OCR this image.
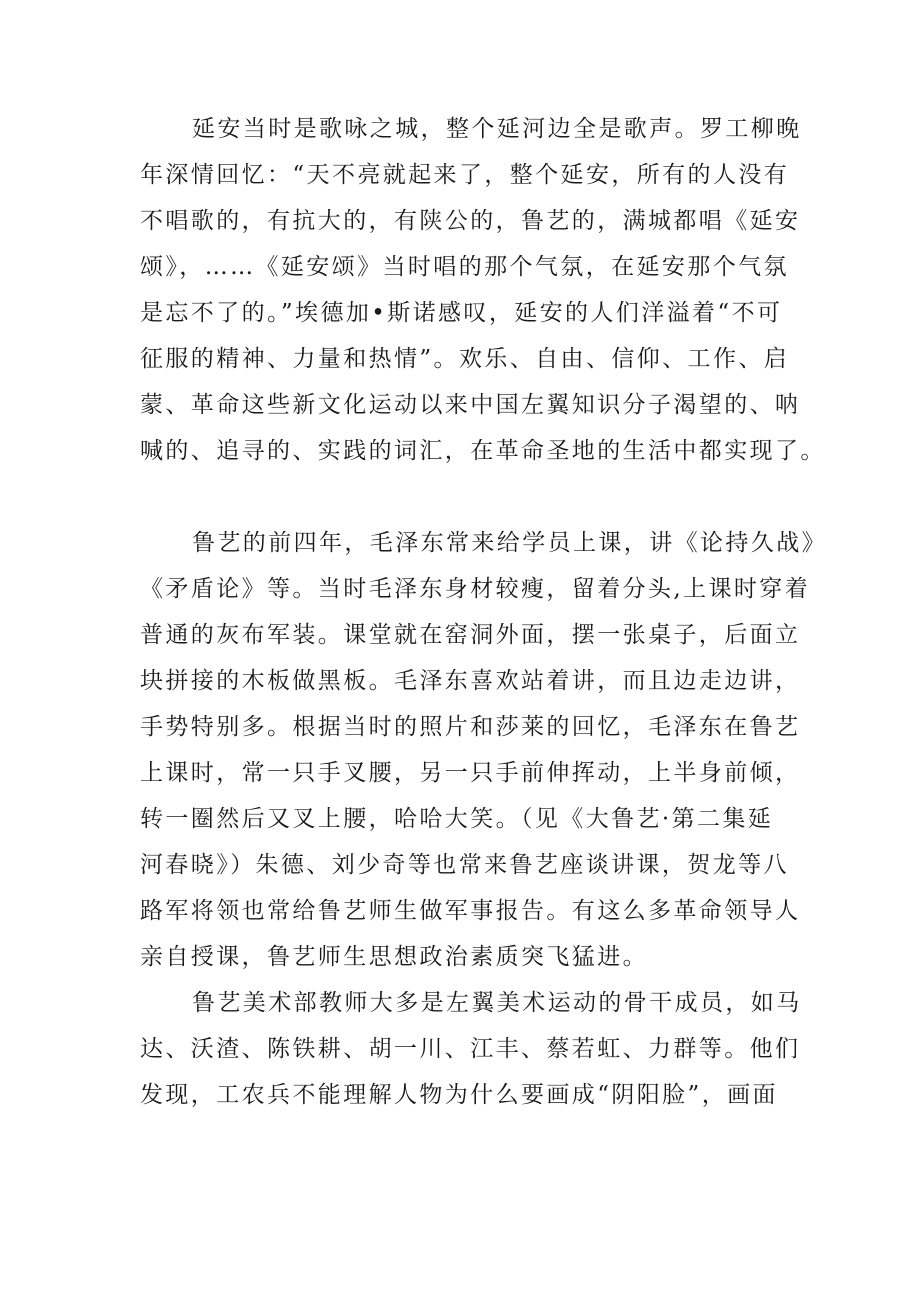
延安当时是歌咏之城，整个延河边全是歌声。罗工柳晚
年深情回忆：“天不亮就起来了，整个延安，所有的人没有
不唱歌的，有抗大的，有陕公的，鲁艺的，满城都唱《延安
颂》，……《延安颂》当时唱的那个气氛，在延安那个气氛
是忘不了的。”埃德加•斯诺感叹，延安的人们洋溢着“不可
征服的精神、力量和热情”。欢乐、自由、信仰、工作、启
蒙、革命这些新文化运动以来中国左翼知识分子渴望的、呐
喊的、追寻的、实践的词汇，在革命圣地的生活中都实现了。
鲁艺的前四年，毛泽东常来给学员上课，讲《论持久战》
《矛盾论》等。当时毛泽东身材较瘦，留着分头,上课时穿着
普通的灰布军装。课堂就在窑洞外面，摆一张桌子，后面立
块拼接的木板做黑板。毛泽东喜欢站着讲，而且边走边讲，
手势特别多。根据当时的照片和莎莱的回忆，毛泽东在鲁艺
上课时，常一只手叉腰，另一只手前伸挥动，上半身前倾，
转一圈然后又叉上腰，哈哈大笑。（见《大鲁艺·第二集延
河春晓》）朱德、刘少奇等也常来鲁艺座谈讲课，贺龙等八
路军将领也常给鲁艺师生做军事报告。有这么多革命领导人
亲自授课，鲁艺师生思想政治素质突飞猛进。
鲁艺美术部教师大多是左翼美术运动的骨干成员，如马
达、沃渣、陈铁耕、胡一川、江丰、蔡若虹、力群等。他们
发现，工农兵不能理解人物为什么要画成“阴阳脸”，画面
